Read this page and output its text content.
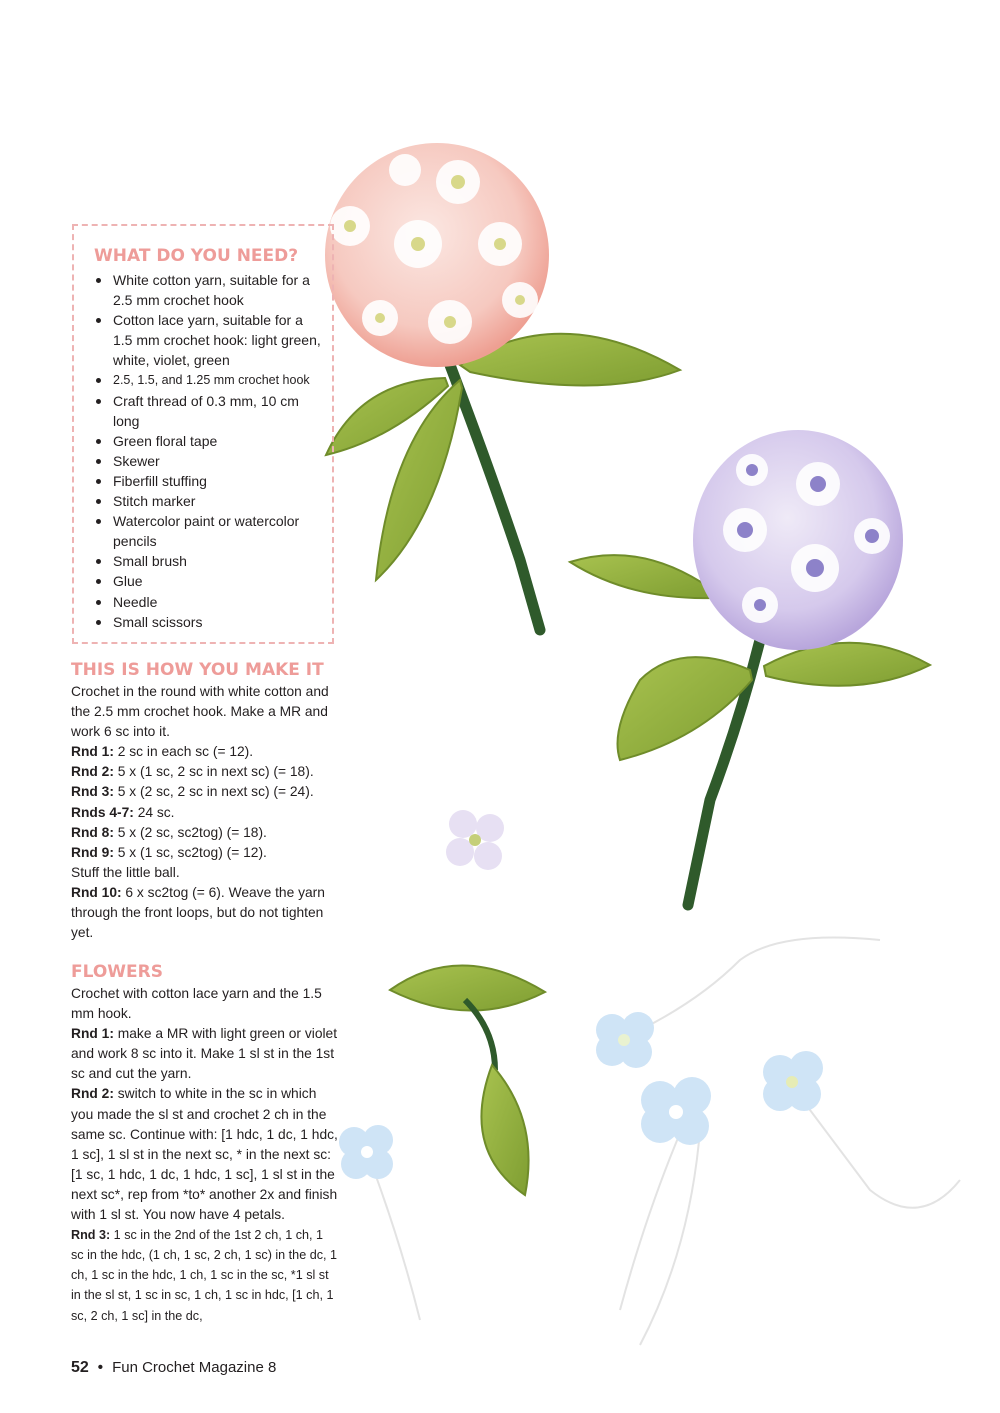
WHAT DO YOU NEED?
White cotton yarn, suitable for a 2.5 mm crochet hook
Cotton lace yarn, suitable for a 1.5 mm crochet hook: light green, white, violet, green
2.5, 1.5, and 1.25 mm crochet hook
Craft thread of 0.3 mm, 10 cm long
Green floral tape
Skewer
Fiberfill stuffing
Stitch marker
Watercolor paint or watercolor pencils
Small brush
Glue
Needle
Small scissors
THIS IS HOW YOU MAKE IT

Crochet in the round with white cotton and the 2.5 mm crochet hook. Make a MR and work 6 sc into it.

Rnd 1: 2 sc in each sc (= 12).

Rnd 2: 5 x (1 sc, 2 sc in next sc) (= 18).

Rnd 3: 5 x (2 sc, 2 sc in next sc) (= 24).

Rnds 4-7: 24 sc.

Rnd 8: 5 x (2 sc, sc2tog) (= 18).

Rnd 9: 5 x (1 sc, sc2tog) (= 12).

Stuff the little ball.

Rnd 10: 6 x sc2tog (= 6). Weave the yarn through the front loops, but do not tighten yet.

FLOWERS

Crochet with cotton lace yarn and the 1.5 mm hook.

Rnd 1: make a MR with light green or violet and work 8 sc into it. Make 1 sl st in the 1st sc and cut the yarn.

Rnd 2: switch to white in the sc in which you made the sl st and crochet 2 ch in the same sc. Continue with: [1 hdc, 1 dc, 1 hdc, 1 sc], 1 sl st in the next sc, * in the next sc: [1 sc, 1 hdc, 1 dc, 1 hdc, 1 sc], 1 sl st in the next sc*, rep from *to* another 2x and finish with 1 sl st. You now have 4 petals.

Rnd 3: 1 sc in the 2nd of the 1st 2 ch, 1 ch, 1 sc in the hdc, (1 ch, 1 sc, 2 ch, 1 sc) in the dc, 1 ch, 1 sc in the hdc, 1 ch, 1 sc in the sc, *1 sl st in the sl st, 1 sc in sc, 1 ch, 1 sc in hdc, [1 ch, 1 sc, 2 ch, 1 sc] in the dc,

52 • Fun Crochet Magazine 8
